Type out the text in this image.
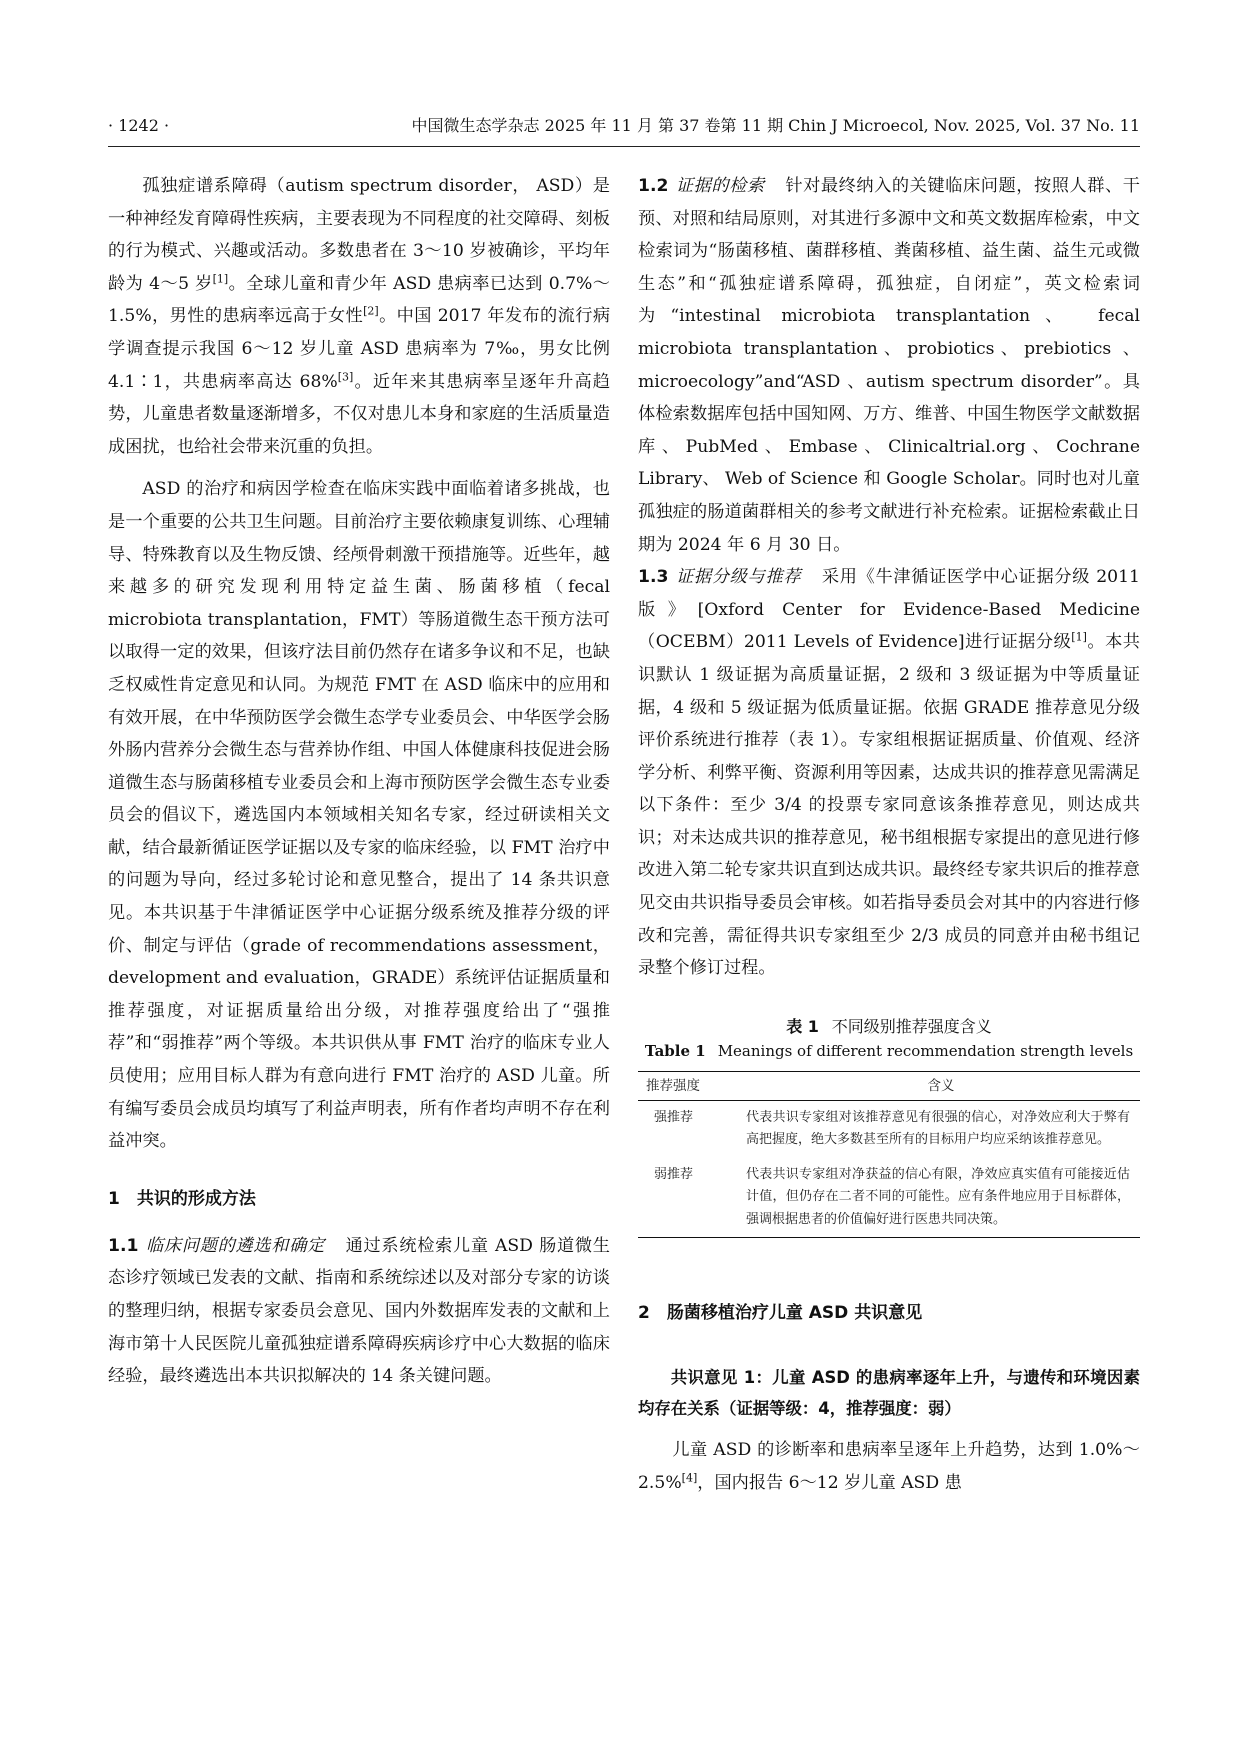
· 1242 ·	中国微生态学杂志 2025 年 11 月 第 37 卷第 11 期 Chin J Microecol, Nov. 2025, Vol. 37 No. 11

孤独症谱系障碍（autism spectrum disorder， ASD）是一种神经发育障碍性疾病，主要表现为不同程度的社交障碍、刻板的行为模式、兴趣或活动。多数患者在 3～10 岁被确诊，平均年龄为 4～5 岁[1]。全球儿童和青少年 ASD 患病率已达到 0.7%～1.5%，男性的患病率远高于女性[2]。中国 2017 年发布的流行病学调查提示我国 6～12 岁儿童 ASD 患病率为 7‰，男女比例 4.1∶1，共患病率高达 68%[3]。近年来其患病率呈逐年升高趋势，儿童患者数量逐渐增多，不仅对患儿本身和家庭的生活质量造成困扰，也给社会带来沉重的负担。

ASD 的治疗和病因学检查在临床实践中面临着诸多挑战，也是一个重要的公共卫生问题。目前治疗主要依赖康复训练、心理辅导、特殊教育以及生物反馈、经颅骨刺激干预措施等。近些年，越来越多的研究发现利用特定益生菌、肠菌移植（fecal microbiota transplantation，FMT）等肠道微生态干预方法可以取得一定的效果，但该疗法目前仍然存在诸多争议和不足，也缺乏权威性肯定意见和认同。为规范 FMT 在 ASD 临床中的应用和有效开展，在中华预防医学会微生态学专业委员会、中华医学会肠外肠内营养分会微生态与营养协作组、中国人体健康科技促进会肠道微生态与肠菌移植专业委员会和上海市预防医学会微生态专业委员会的倡议下，遴选国内本领域相关知名专家，经过研读相关文献，结合最新循证医学证据以及专家的临床经验，以 FMT 治疗中的问题为导向，经过多轮讨论和意见整合，提出了 14 条共识意见。本共识基于牛津循证医学中心证据分级系统及推荐分级的评价、制定与评估（grade of recommendations assessment，development and evaluation，GRADE）系统评估证据质量和推荐强度，对证据质量给出分级，对推荐强度给出了“强推荐”和“弱推荐”两个等级。本共识供从事 FMT 治疗的临床专业人员使用；应用目标人群为有意向进行 FMT 治疗的 ASD 儿童。所有编写委员会成员均填写了利益声明表，所有作者均声明不存在利益冲突。

1 共识的形成方法

1.1 临床问题的遴选和确定 通过系统检索儿童 ASD 肠道微生态诊疗领域已发表的文献、指南和系统综述以及对部分专家的访谈的整理归纳，根据专家委员会意见、国内外数据库发表的文献和上海市第十人民医院儿童孤独症谱系障碍疾病诊疗中心大数据的临床经验，最终遴选出本共识拟解决的 14 条关键问题。

1.2 证据的检索 针对最终纳入的关键临床问题，按照人群、干预、对照和结局原则，对其进行多源中文和英文数据库检索，中文检索词为“肠菌移植、菌群移植、粪菌移植、益生菌、益生元或微生态”和“孤独症谱系障碍，孤独症，自闭症”，英文检索词为“intestinal microbiota transplantation、 fecal microbiota transplantation、probiotics、prebiotics 、microecology”and“ASD 、autism spectrum disorder”。具体检索数据库包括中国知网、万方、维普、中国生物医学文献数据库、PubMed、Embase、Clinicaltrial.org、Cochrane Library、 Web of Science 和 Google Scholar。同时也对儿童孤独症的肠道菌群相关的参考文献进行补充检索。证据检索截止日期为 2024 年 6 月 30 日。

1.3 证据分级与推荐 采用《牛津循证医学中心证据分级 2011 版》[Oxford Center for Evidence-Based Medicine（OCEBM）2011 Levels of Evidence]进行证据分级[1]。本共识默认 1 级证据为高质量证据，2 级和 3 级证据为中等质量证据，4 级和 5 级证据为低质量证据。依据 GRADE 推荐意见分级评价系统进行推荐（表 1）。专家组根据证据质量、价值观、经济学分析、利弊平衡、资源利用等因素，达成共识的推荐意见需满足以下条件：至少 3/4 的投票专家同意该条推荐意见，则达成共识；对未达成共识的推荐意见，秘书组根据专家提出的意见进行修改进入第二轮专家共识直到达成共识。最终经专家共识后的推荐意见交由共识指导委员会审核。如若指导委员会对其中的内容进行修改和完善，需征得共识专家组至少 2/3 成员的同意并由秘书组记录整个修订过程。

表 1 不同级别推荐强度含义
Table 1 Meanings of different recommendation strength levels
推荐强度	含义
强推荐	代表共识专家组对该推荐意见有很强的信心，对净效应利大于弊有高把握度，绝大多数甚至所有的目标用户均应采纳该推荐意见。
弱推荐	代表共识专家组对净获益的信心有限，净效应真实值有可能接近估计值，但仍存在二者不同的可能性。应有条件地应用于目标群体，强调根据患者的价值偏好进行医患共同决策。
2 肠菌移植治疗儿童 ASD 共识意见

共识意见 1：儿童 ASD 的患病率逐年上升，与遗传和环境因素均存在关系（证据等级：4，推荐强度：弱）

儿童 ASD 的诊断率和患病率呈逐年上升趋势，达到 1.0%～2.5%[4]，国内报告 6～12 岁儿童 ASD 患
